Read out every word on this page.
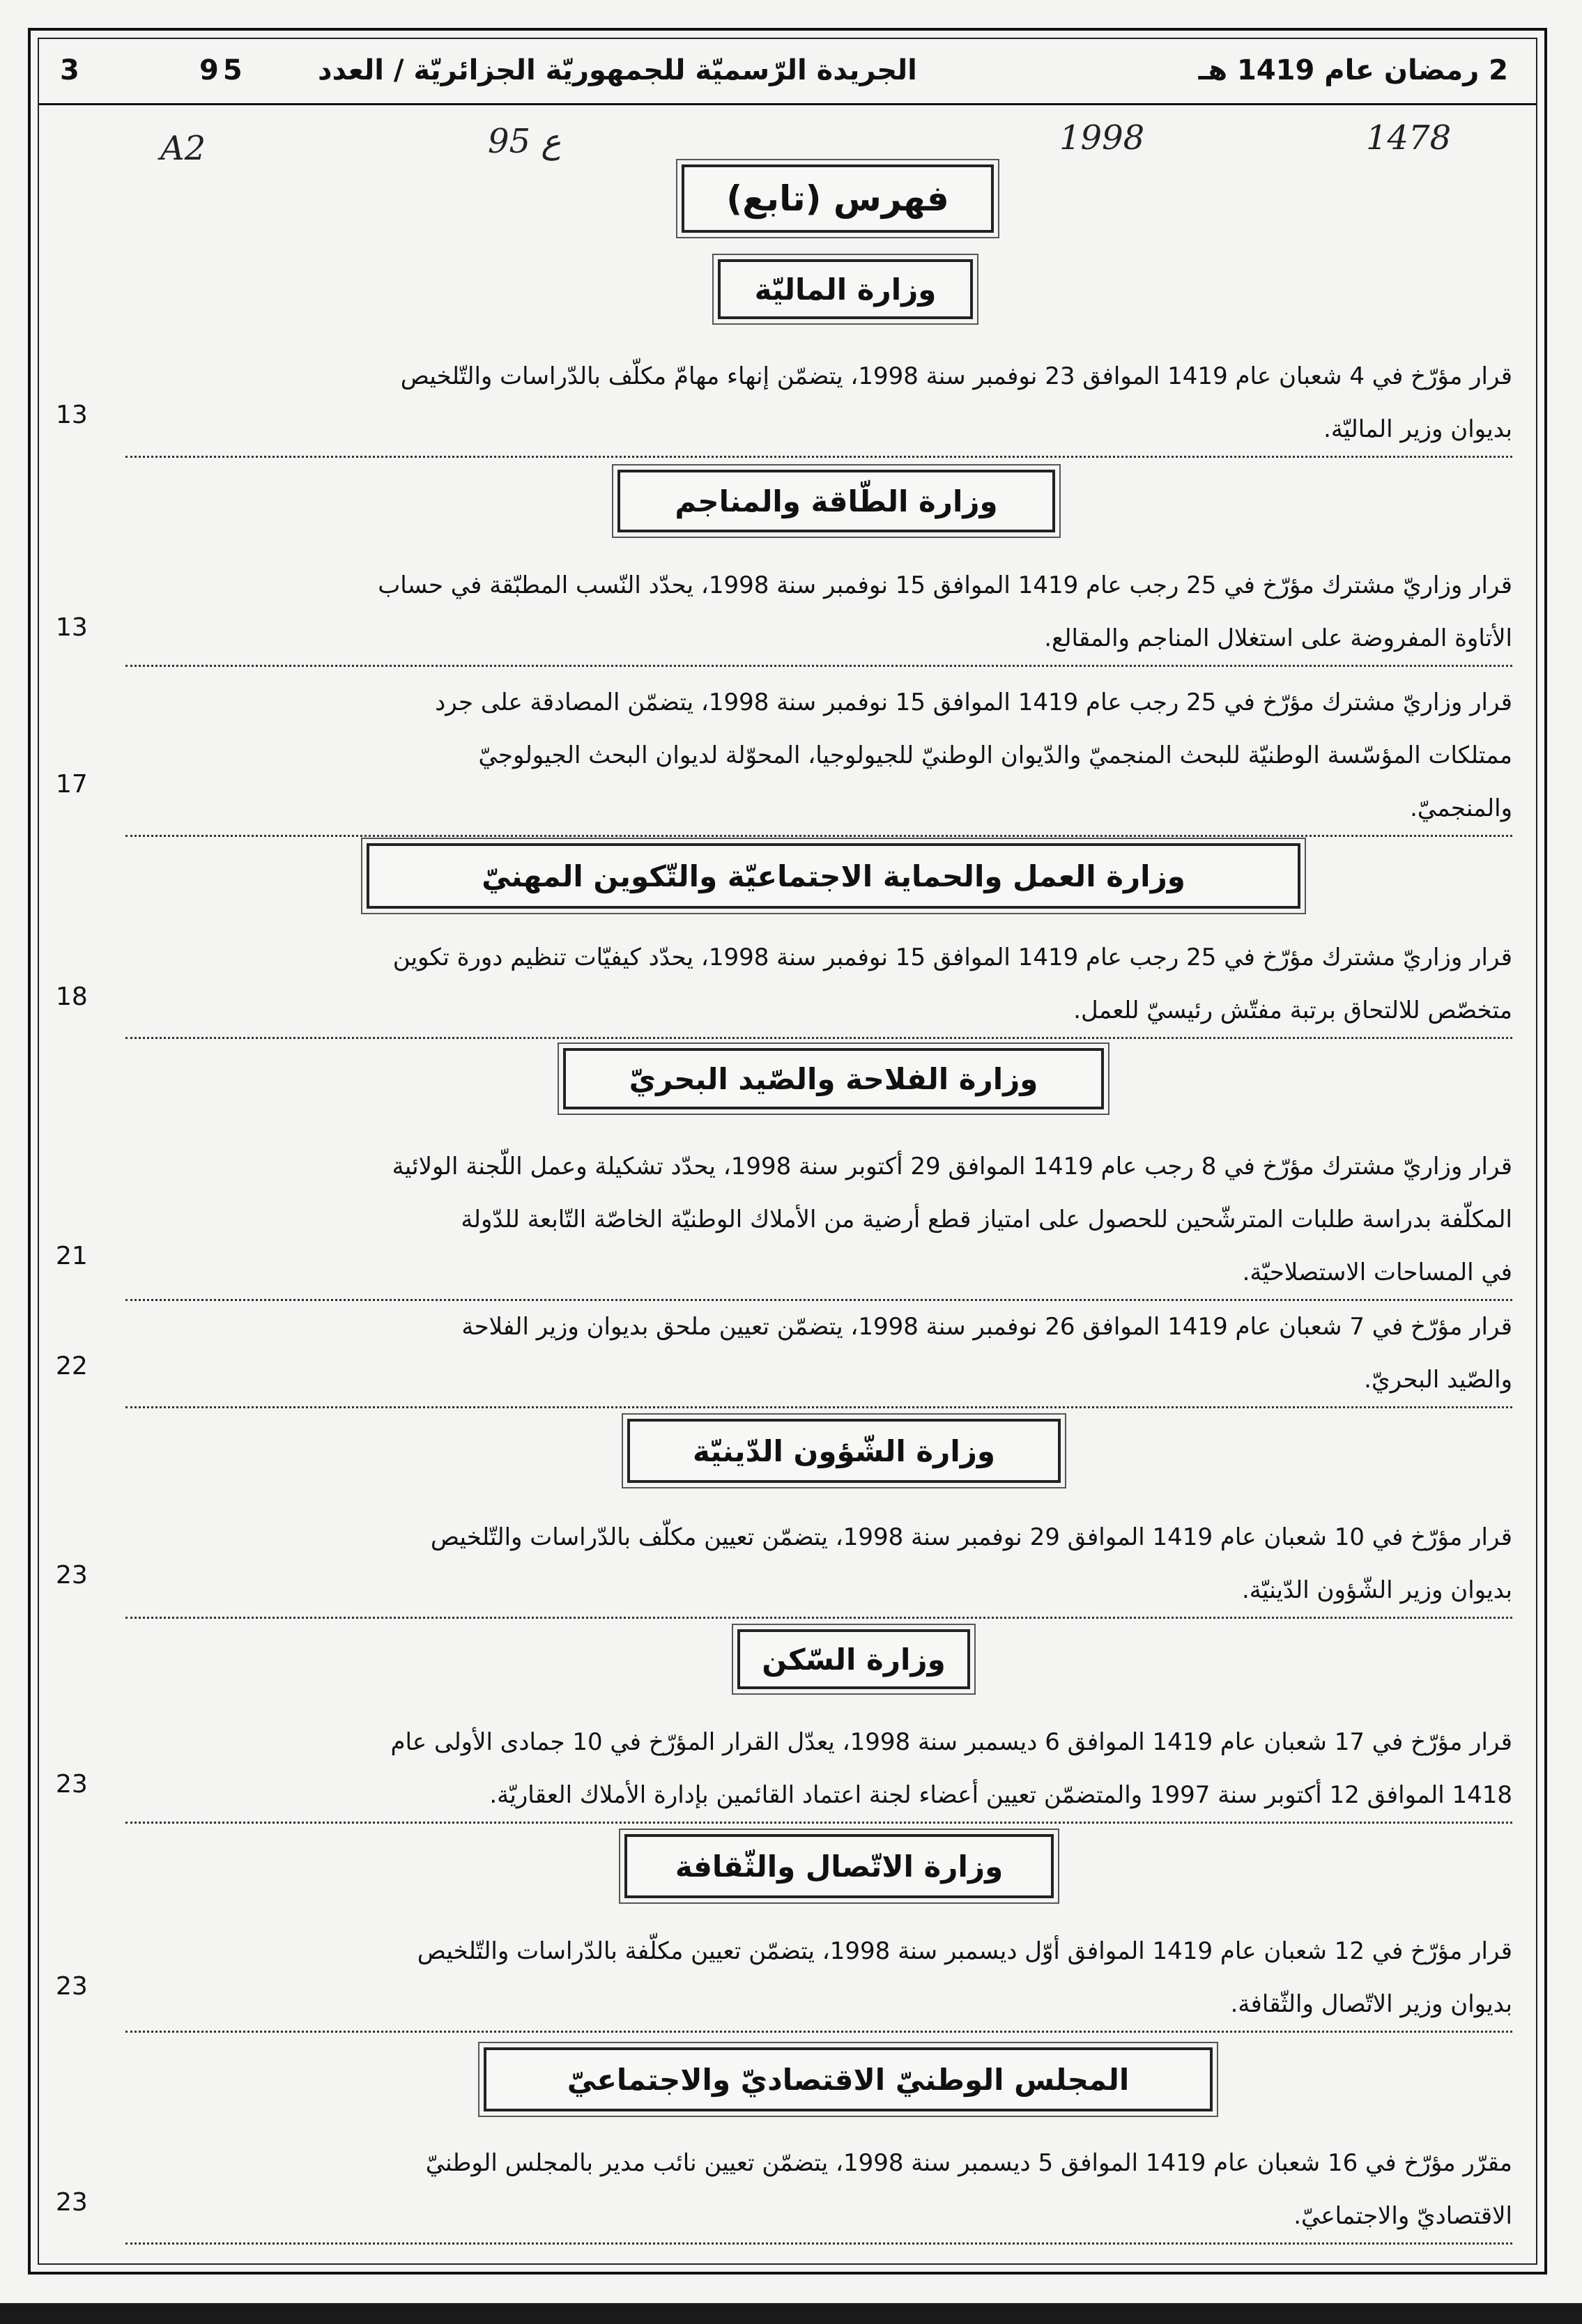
2 رمضان عام 1419 هـ
الجريدة الرّسميّة للجمهوريّة الجزائريّة / العدد
95
3
A2	95 ع	1998	1478
فهرس (تابع)
وزارة الماليّة
قرار مؤرّخ في 4 شعبان عام 1419 الموافق 23 نوفمبر سنة 1998، يتضمّن إنهاء مهامّ مكلّف بالدّراسات والتّلخيص
بديوان وزير الماليّة.
13
وزارة الطّاقة والمناجم
قرار وزاريّ مشترك مؤرّخ في 25 رجب عام 1419 الموافق 15 نوفمبر سنة 1998، يحدّد النّسب المطبّقة في حساب
الأتاوة المفروضة على استغلال المناجم والمقالع.
13
قرار وزاريّ مشترك مؤرّخ في 25 رجب عام 1419 الموافق 15 نوفمبر سنة 1998، يتضمّن المصادقة على جرد
ممتلكات المؤسّسة الوطنيّة للبحث المنجميّ والدّيوان الوطنيّ للجيولوجيا، المحوّلة لديوان البحث الجيولوجيّ
والمنجميّ.
17
وزارة العمل والحماية الاجتماعيّة والتّكوين المهنيّ
قرار وزاريّ مشترك مؤرّخ في 25 رجب عام 1419 الموافق 15 نوفمبر سنة 1998، يحدّد كيفيّات تنظيم دورة تكوين
متخصّص للالتحاق برتبة مفتّش رئيسيّ للعمل.
18
وزارة الفلاحة والصّيد البحريّ
قرار وزاريّ مشترك مؤرّخ في 8 رجب عام 1419 الموافق 29 أكتوبر سنة 1998، يحدّد تشكيلة وعمل اللّجنة الولائية
المكلّفة بدراسة طلبات المترشّحين للحصول على امتياز قطع أرضية من الأملاك الوطنيّة الخاصّة التّابعة للدّولة
في المساحات الاستصلاحيّة.
21
قرار مؤرّخ في 7 شعبان عام 1419 الموافق 26 نوفمبر سنة 1998، يتضمّن تعيين ملحق بديوان وزير الفلاحة
والصّيد البحريّ.
22
وزارة الشّؤون الدّينيّة
قرار مؤرّخ في 10 شعبان عام 1419 الموافق 29 نوفمبر سنة 1998، يتضمّن تعيين مكلّف بالدّراسات والتّلخيص
بديوان وزير الشّؤون الدّينيّة.
23
وزارة السّكن
قرار مؤرّخ في 17 شعبان عام 1419 الموافق 6 ديسمبر سنة 1998، يعدّل القرار المؤرّخ في 10 جمادى الأولى عام
1418 الموافق 12 أكتوبر سنة 1997 والمتضمّن تعيين أعضاء لجنة اعتماد القائمين بإدارة الأملاك العقاريّة.
23
وزارة الاتّصال والثّقافة
قرار مؤرّخ في 12 شعبان عام 1419 الموافق أوّل ديسمبر سنة 1998، يتضمّن تعيين مكلّفة بالدّراسات والتّلخيص
بديوان وزير الاتّصال والثّقافة.
23
المجلس الوطنيّ الاقتصاديّ والاجتماعيّ
مقرّر مؤرّخ في 16 شعبان عام 1419 الموافق 5 ديسمبر سنة 1998، يتضمّن تعيين نائب مدير بالمجلس الوطنيّ
الاقتصاديّ والاجتماعيّ.
23
